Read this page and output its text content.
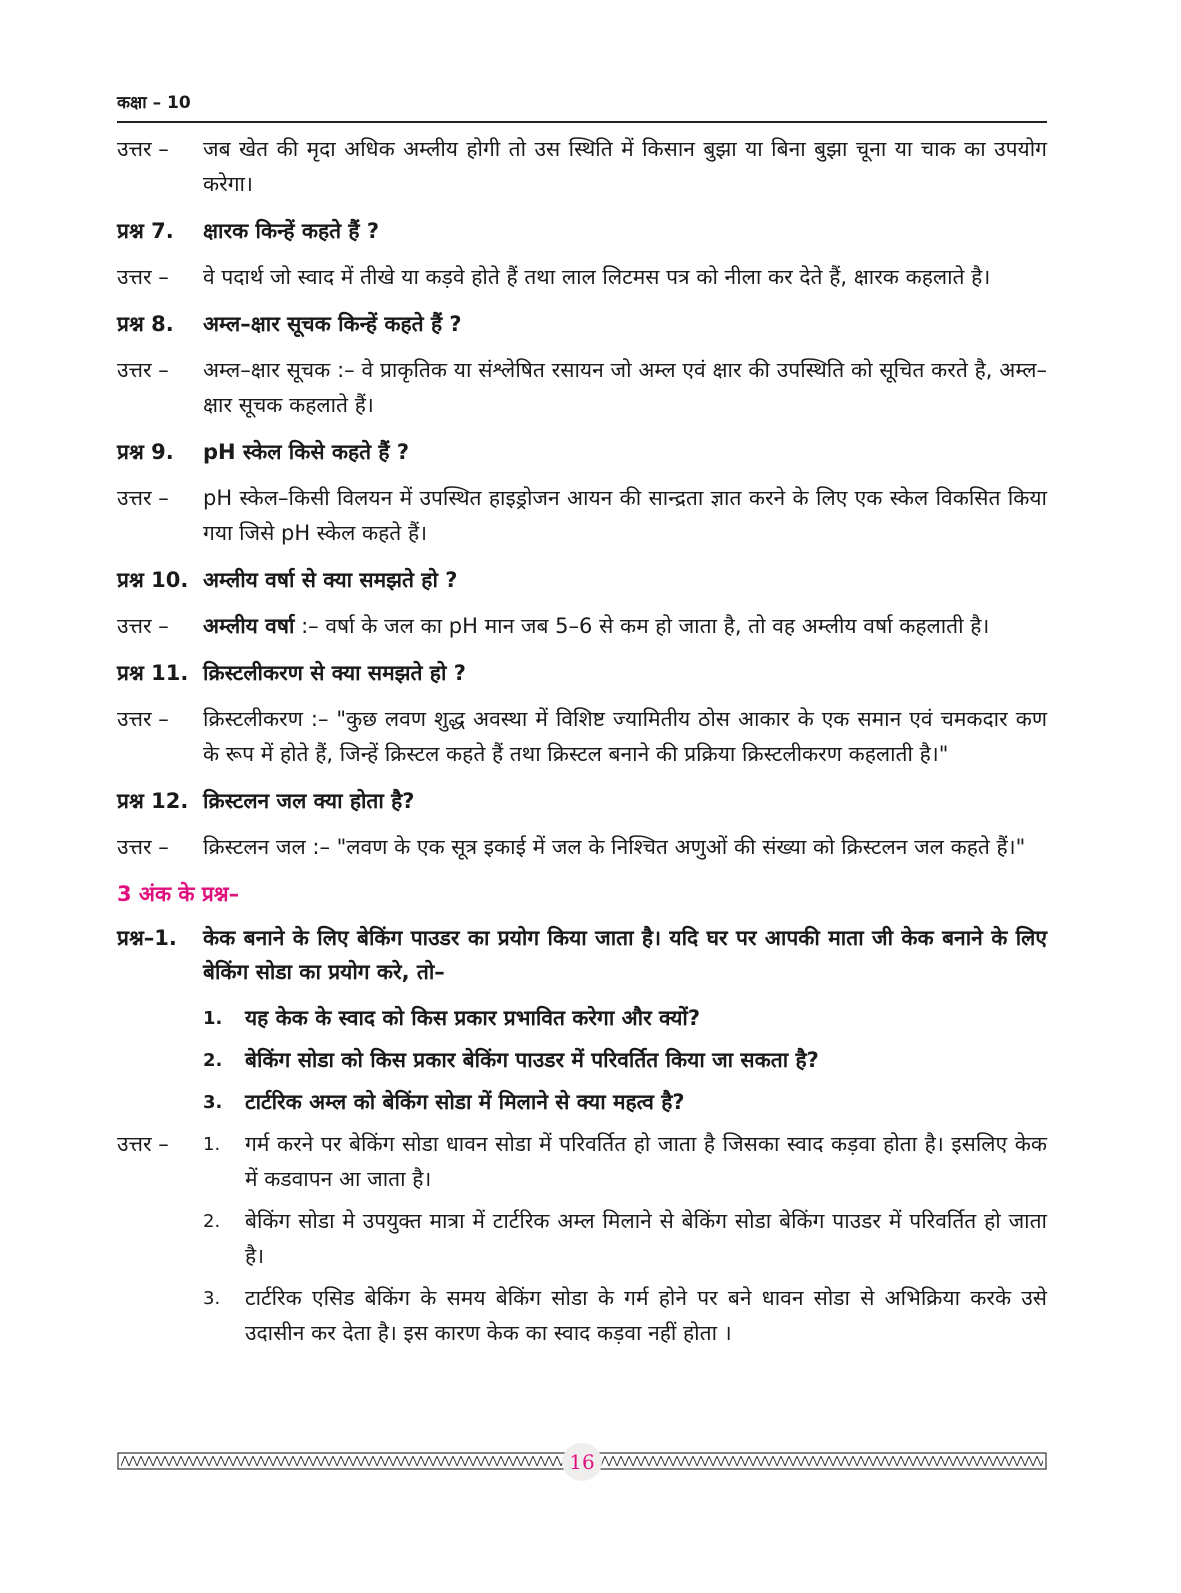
कक्षा – 10
उत्तर –	जब खेत की मृदा अधिक अम्लीय होगी तो उस स्थिति में किसान बुझा या बिना बुझा चूना या चाक का उपयोग करेगा।
प्रश्न 7.	क्षारक किन्हें कहते हैं ?
उत्तर –	वे पदार्थ जो स्वाद में तीखे या कड़वे होते हैं तथा लाल लिटमस पत्र को नीला कर देते हैं, क्षारक कहलाते है।
प्रश्न 8.	अम्ल–क्षार सूचक किन्हें कहते हैं ?
उत्तर –	अम्ल–क्षार सूचक :– वे प्राकृतिक या संश्लेषित रसायन जो अम्ल एवं क्षार की उपस्थिति को सूचित करते है, अम्ल–क्षार सूचक कहलाते हैं।
प्रश्न 9.	pH स्केल किसे कहते हैं ?
उत्तर –	pH स्केल–किसी विलयन में उपस्थित हाइड्रोजन आयन की सान्द्रता ज्ञात करने के लिए एक स्केल विकसित किया गया जिसे pH स्केल कहते हैं।
प्रश्न 10. अम्लीय वर्षा से क्या समझते हो ?
उत्तर –	अम्लीय वर्षा :– वर्षा के जल का pH मान जब 5–6 से कम हो जाता है, तो वह अम्लीय वर्षा कहलाती है।
प्रश्न 11. क्रिस्टलीकरण से क्या समझते हो ?
उत्तर –	क्रिस्टलीकरण :– "कुछ लवण शुद्ध अवस्था में विशिष्ट ज्यामितीय ठोस आकार के एक समान एवं चमकदार कण के रूप में होते हैं, जिन्हें क्रिस्टल कहते हैं तथा क्रिस्टल बनाने की प्रक्रिया क्रिस्टलीकरण कहलाती है।"
प्रश्न 12. क्रिस्टलन जल क्या होता है?
उत्तर –	क्रिस्टलन जल :– "लवण के एक सूत्र इकाई में जल के निश्चित अणुओं की संख्या को क्रिस्टलन जल कहते हैं।"
3 अंक के प्रश्न–
प्रश्न–1.	केक बनाने के लिए बेकिंग पाउडर का प्रयोग किया जाता है। यदि घर पर आपकी माता जी केक बनाने के लिए बेकिंग सोडा का प्रयोग करे, तो–
1.	यह केक के स्वाद को किस प्रकार प्रभावित करेगा और क्यों?
2.	बेकिंग सोडा को किस प्रकार बेकिंग पाउडर में परिवर्तित किया जा सकता है?
3.	टार्टरिक अम्ल को बेकिंग सोडा में मिलाने से क्या महत्व है?
उत्तर –	1.	गर्म करने पर बेकिंग सोडा धावन सोडा में परिवर्तित हो जाता है जिसका स्वाद कड़वा होता है। इसलिए केक में कडवापन आ जाता है।
2.	बेकिंग सोडा मे उपयुक्त मात्रा में टार्टरिक अम्ल मिलाने से बेकिंग सोडा बेकिंग पाउडर में परिवर्तित हो जाता है।
3.	टार्टरिक एसिड बेकिंग के समय बेकिंग सोडा के गर्म होने पर बने धावन सोडा से अभिक्रिया करके उसे उदासीन कर देता है। इस कारण केक का स्वाद कड़वा नहीं होता ।
16
